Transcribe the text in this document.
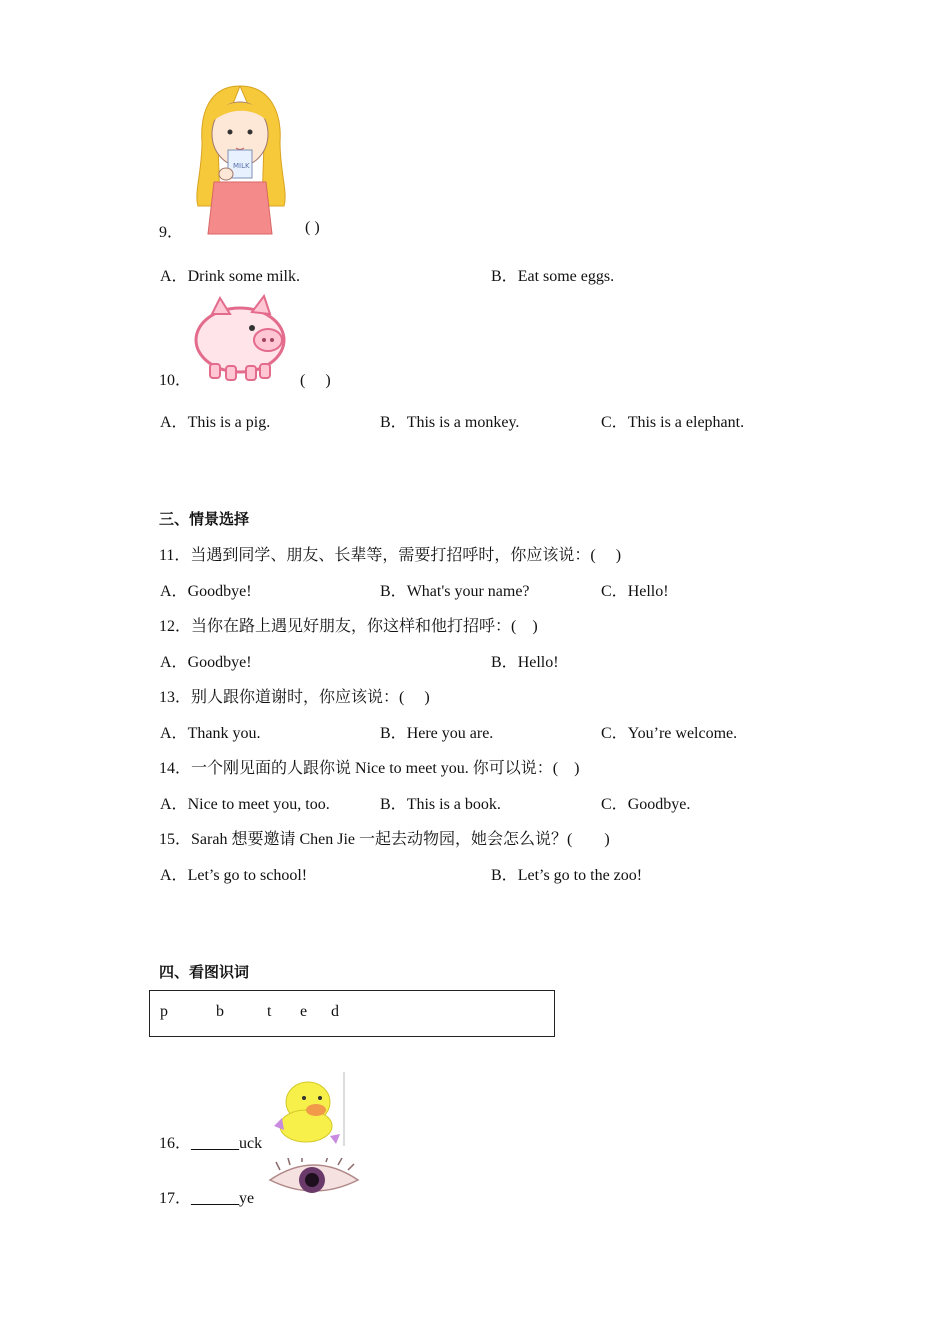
MILK
9．	( )
A．Drink some milk.	B．Eat some eggs.
10．	(　 )
A．This is a pig.	B．This is a monkey.	C．This is a elephant.
三、情景选择
11．当遇到同学、朋友、长辈等，需要打招呼时，你应该说：(　 )
A．Goodbye!	B．What's your name?	C．Hello!
12．当你在路上遇见好朋友，你这样和他打招呼：(　)
A．Goodbye!	B．Hello!
13．别人跟你道谢时，你应该说：(　 )
A．Thank you.	B．Here you are.	C．You’re welcome.
14．一个刚见面的人跟你说 Nice to meet you. 你可以说：(　)
A．Nice to meet you, too.	B．This is a book.	C．Goodbye.
15．Sarah 想要邀请 Chen Jie 一起去动物园，她会怎么说？(　　)
A．Let’s go to school!	B．Let’s go to the zoo!
四、看图识词
p	b	t e d
16．______uck
17．______ye
